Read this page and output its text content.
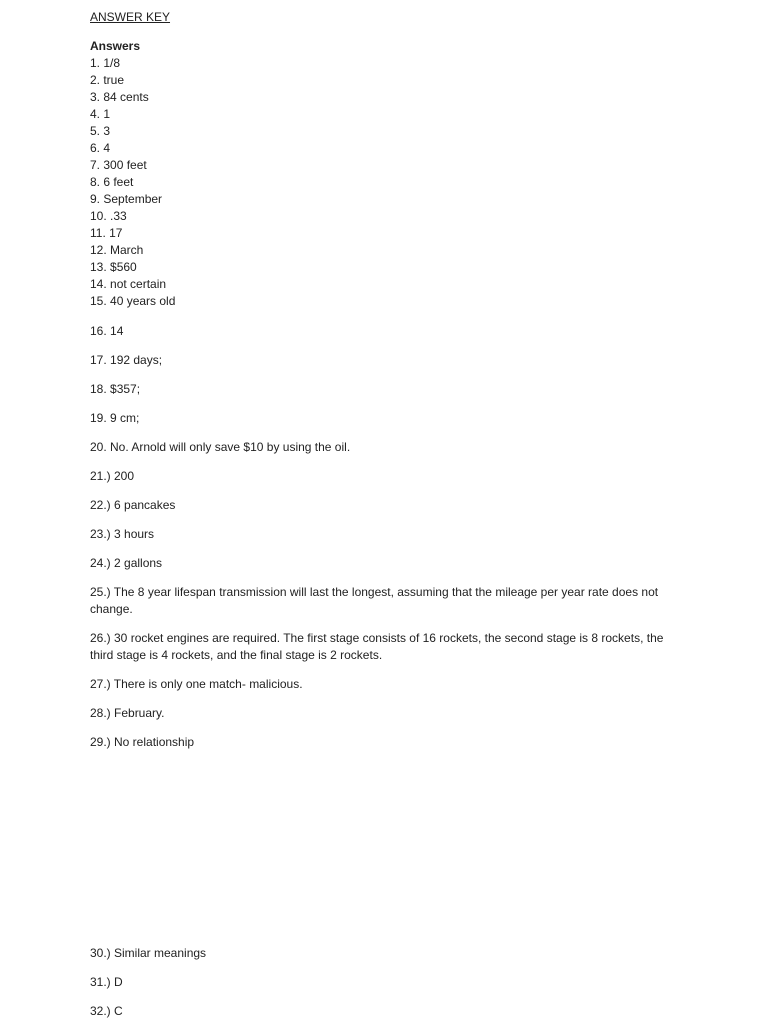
ANSWER KEY
Answers
1. 1/8
2. true
3. 84 cents
4. 1
5. 3
6. 4
7. 300 feet
8. 6 feet
9. September
10. .33
11. 17
12. March
13. $560
14. not certain
15. 40 years old

16. 14

17. 192 days;

18. $357;

19. 9 cm;

20. No. Arnold will only save $10 by using the oil.

21.) 200

22.) 6 pancakes

23.) 3 hours

24.) 2 gallons

25.) The 8 year lifespan transmission will last the longest, assuming that the mileage per year rate does not change.

26.) 30 rocket engines are required. The first stage consists of 16 rockets, the second stage is 8 rockets, the third stage is 4 rockets, and the final stage is 2 rockets.

27.) There is only one match- malicious.

28.) February.

29.) No relationship

30.) Similar meanings

31.) D

32.) C
